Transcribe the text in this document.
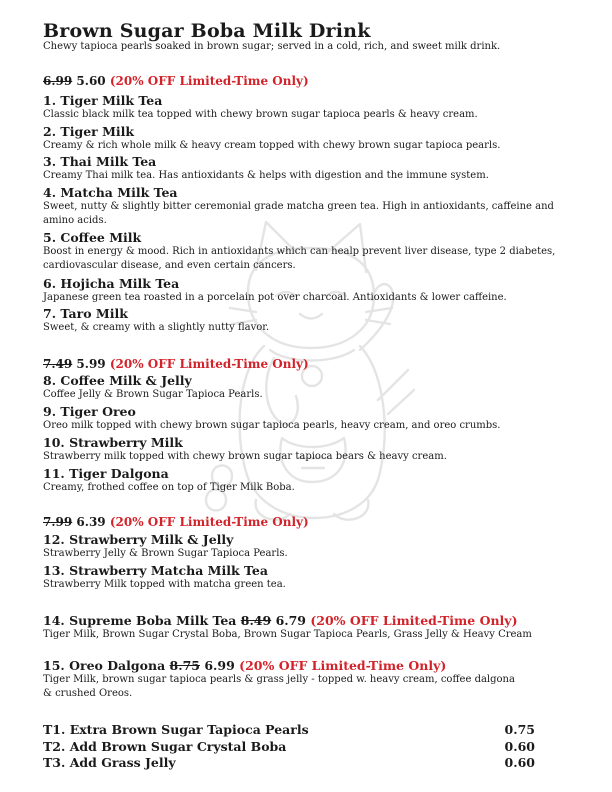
Brown Sugar Boba Milk Drink
Chewy tapioca pearls soaked in brown sugar; served in a cold, rich, and sweet milk drink.
6.99 5.60 (20% OFF Limited-Time Only)
1. Tiger Milk Tea
Classic black milk tea topped with chewy brown sugar tapioca pearls & heavy cream.
2. Tiger Milk
Creamy & rich whole milk & heavy cream topped with chewy brown sugar tapioca pearls.
3. Thai Milk Tea
Creamy Thai milk tea. Has antioxidants & helps with digestion and the immune system.
4. Matcha Milk Tea
Sweet, nutty & slightly bitter ceremonial grade matcha green tea. High in antioxidants, caffeine and amino acids.
5. Coffee Milk
Boost in energy & mood. Rich in antioxidants which can healp prevent liver disease, type 2 diabetes, cardiovascular disease, and even certain cancers.
6. Hojicha Milk Tea
Japanese green tea roasted in a porcelain pot over charcoal. Antioxidants & lower caffeine.
7. Taro Milk
Sweet, & creamy with a slightly nutty flavor.
7.49 5.99 (20% OFF Limited-Time Only)
8. Coffee Milk & Jelly
Coffee Jelly & Brown Sugar Tapioca Pearls.
9. Tiger Oreo
Oreo milk topped with chewy brown sugar tapioca pearls, heavy cream, and oreo crumbs.
10. Strawberry Milk
Strawberry milk topped with chewy brown sugar tapioca bears & heavy cream.
11. Tiger Dalgona
Creamy, frothed coffee on top of Tiger Milk Boba.
7.99 6.39 (20% OFF Limited-Time Only)
12. Strawberry Milk & Jelly
Strawberry Jelly & Brown Sugar Tapioca Pearls.
13. Strawberry Matcha Milk Tea
Strawberry Milk topped with matcha green tea.
14. Supreme Boba Milk Tea 8.49 6.79 (20% OFF Limited-Time Only)
Tiger Milk, Brown Sugar Crystal Boba, Brown Sugar Tapioca Pearls, Grass Jelly & Heavy Cream
15. Oreo Dalgona 8.75 6.99 (20% OFF Limited-Time Only)
Tiger Milk, brown sugar tapioca pearls & grass jelly - topped w. heavy cream, coffee dalgona & crushed Oreos.
T1. Extra Brown Sugar Tapioca Pearls	0.75
T2. Add Brown Sugar Crystal Boba	0.60
T3. Add Grass Jelly	0.60
